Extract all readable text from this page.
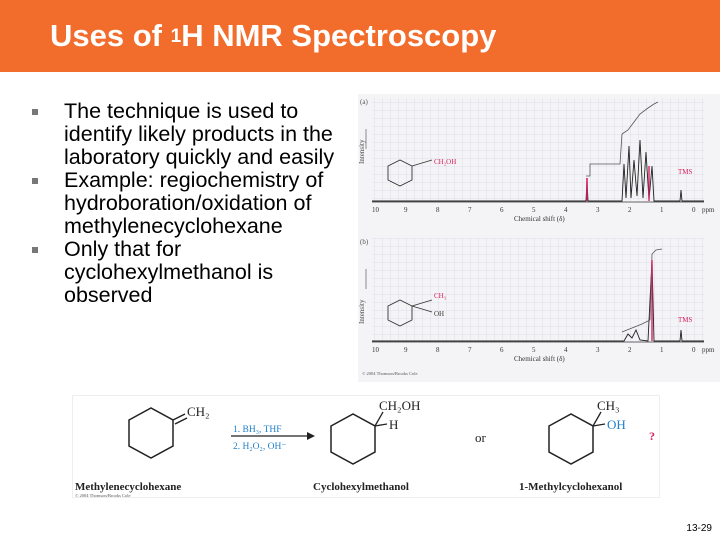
Uses of $^1$H NMR Spectroscopy
The technique is used to identify likely products in the laboratory quickly and easily
Example: regiochemistry of hydroboration/oxidation of methylenecyclohexane
Only that for cyclohexylmethanol is observed
(a)
Intensity	CH₂OH
TMS
10	9	8	7	6	5	4	3	2	1	0 ppm
Chemical shift (δ)
(b)
Intensity
CH₃
OH
TMS
10	9	8	7	6	5	4	3	2	1	0 ppm
Chemical shift (δ)
© 2004 Thomson/Brooks Cole
CH₂
1. BH₃, THF
2. H₂O₂, OH⁻
CH₂OH
H
or
CH₃
OH
?
Methylenecyclohexane	Cyclohexylmethanol	1-Methylcyclohexanol
© 2004 Thomson/Brooks Cole
13-29
